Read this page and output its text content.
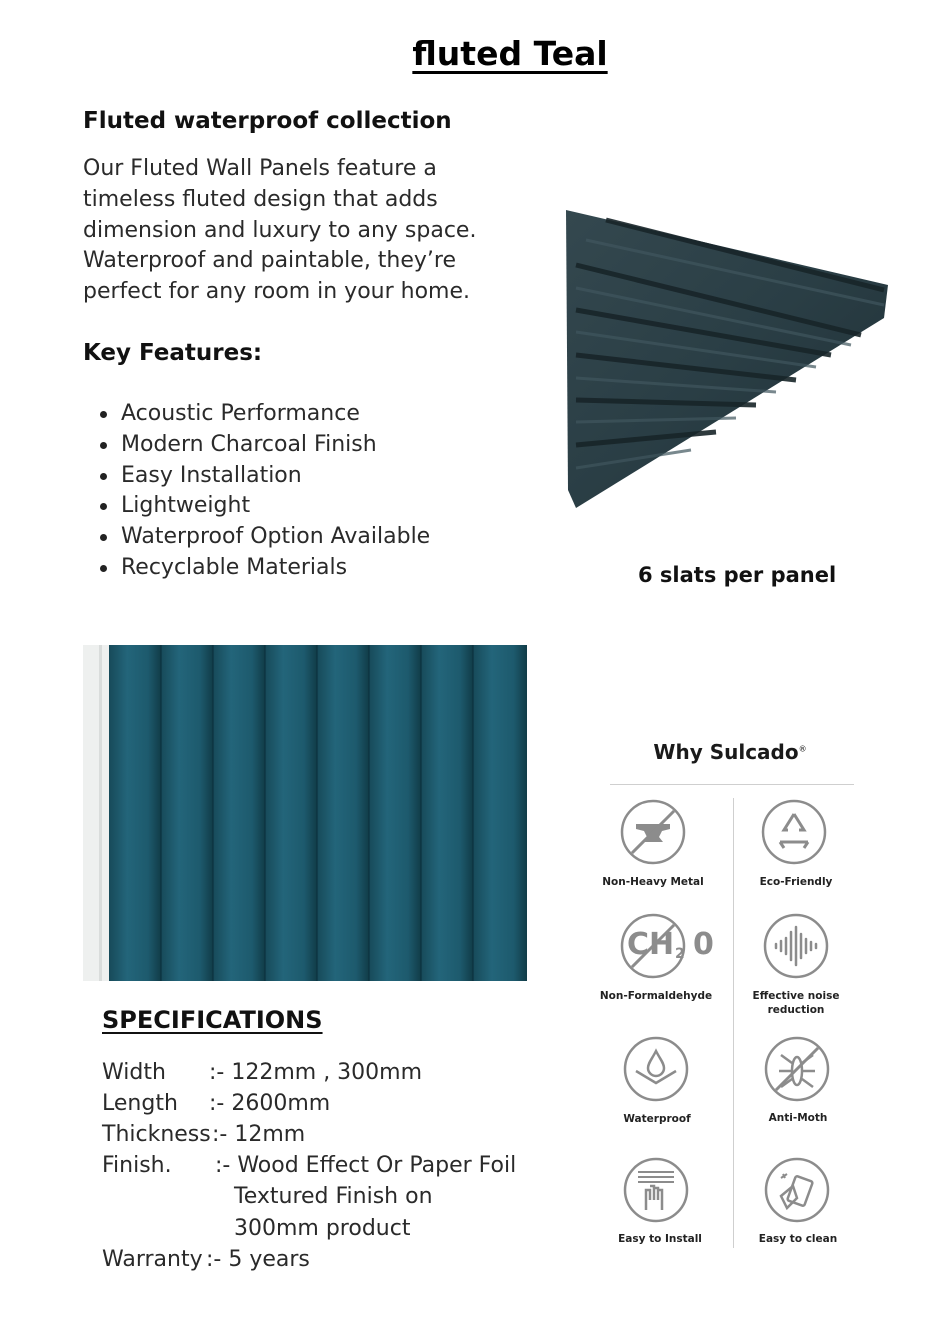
fluted Teal
Fluted waterproof collection
Our Fluted Wall Panels feature a
timeless fluted design that adds
dimension and luxury to any space.
Waterproof and paintable, they’re
perfect for any room in your home.
Key Features:
Acoustic Performance
Modern Charcoal Finish
Easy Installation
Lightweight
Waterproof Option Available
Recyclable Materials	6 slats per panel
SPECIFICATIONS
Width :- 122mm , 300mm
Length :- 2600mm
Thickness :- 12mm
Finish. :- Wood Effect Or Paper Foil
Textured Finish on
300mm product
Warranty :- 5 years
Why Sulcado®
Non-Heavy Metal	Eco-Friendly
CH 2 0
Non-Formaldehyde	Effective noise reduction
Waterproof	Anti-Moth
Easy to Install	Easy to clean
